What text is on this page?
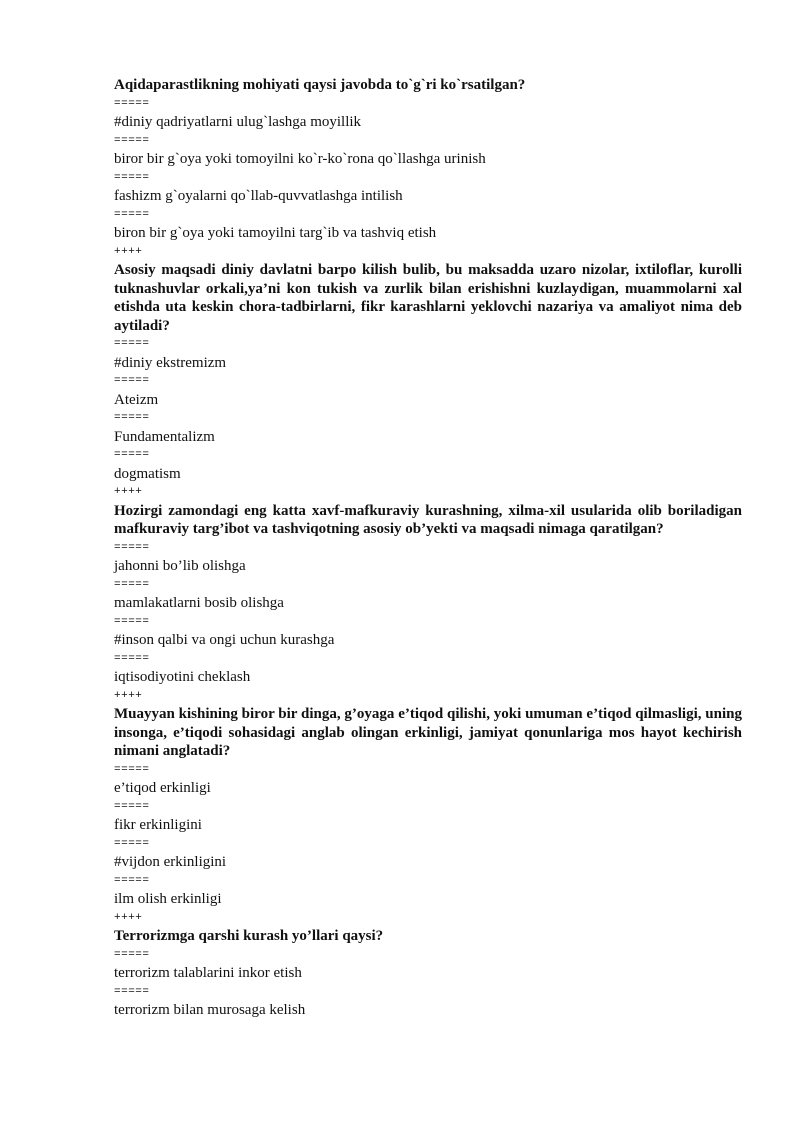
Aqidaparastlikning mohiyati qaysi javobda to`g`ri ko`rsatilgan?

=====

#diniy qadriyatlarni ulug`lashga moyillik

=====

biror bir g`oya yoki tomoyilni ko`r-ko`rona qo`llashga urinish

=====

fashizm g`oyalarni qo`llab-quvvatlashga intilish

=====

biron bir g`oya yoki tamoyilni targ`ib va tashviq etish

++++

Asosiy maqsadi diniy davlatni barpo kilish bulib, bu maksadda uzaro nizolar, ixtiloflar, kurolli tuknashuvlar orkali,ya’ni kon tukish va zurlik bilan erishishni kuzlaydigan, muammolarni xal etishda uta keskin chora-tadbirlarni, fikr karashlarni yeklovchi nazariya va amaliyot nima deb aytiladi?

=====

#diniy ekstremizm

=====

Ateizm

=====

Fundamentalizm

=====

dogmatism

++++

Hozirgi zamondagi eng katta xavf-mafkuraviy kurashning, xilma-xil usularida olib boriladigan mafkuraviy targ’ibot va tashviqotning asosiy ob’yekti va maqsadi nimaga qaratilgan?

=====

jahonni bo’lib olishga

=====

mamlakatlarni bosib olishga

=====

#inson qalbi va ongi uchun kurashga

=====

iqtisodiyotini cheklash

++++

Muayyan kishining biror bir dinga, g’oyaga e’tiqod qilishi, yoki umuman e’tiqod qilmasligi, uning insonga, e’tiqodi sohasidagi anglab olingan erkinligi, jamiyat qonunlariga mos hayot kechirish nimani anglatadi?

=====

e’tiqod erkinligi

=====

fikr erkinligini

=====

#vijdon erkinligini

=====

ilm olish erkinligi

++++

Terrorizmga qarshi kurash yo’llari qaysi?

=====

terrorizm talablarini inkor etish

=====

terrorizm bilan murosaga kelish
